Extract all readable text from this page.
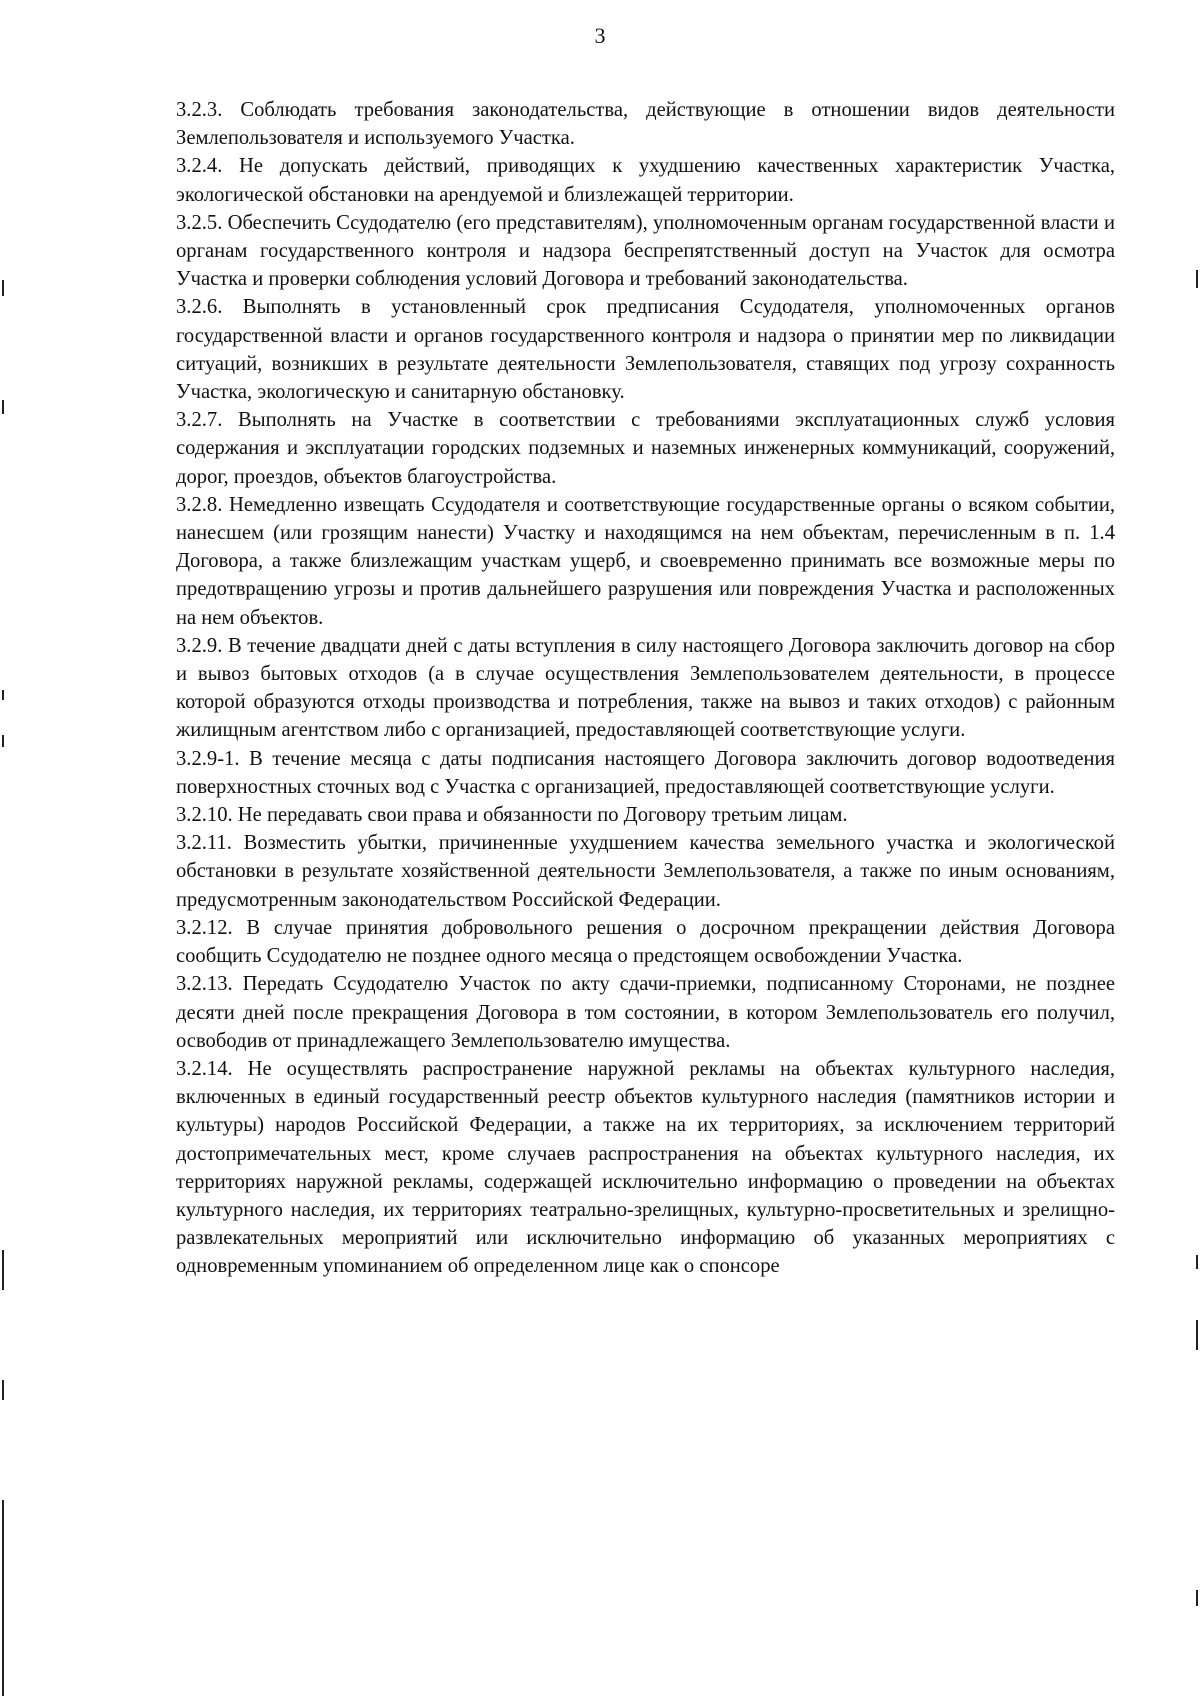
3

3.2.3. Соблюдать требования законодательства, действующие в отношении видов деятельности Землепользователя и используемого Участка.

3.2.4. Не допускать действий, приводящих к ухудшению качественных характеристик Участка, экологической обстановки на арендуемой и близлежащей территории.

3.2.5. Обеспечить Ссудодателю (его представителям), уполномоченным органам государственной власти и органам государственного контроля и надзора беспрепятственный доступ на Участок для осмотра Участка и проверки соблюдения условий Договора и требований законодательства.

3.2.6. Выполнять в установленный срок предписания Ссудодателя, уполномоченных органов государственной власти и органов государственного контроля и надзора о принятии мер по ликвидации ситуаций, возникших в результате деятельности Землепользователя, ставящих под угрозу сохранность Участка, экологическую и санитарную обстановку.

3.2.7. Выполнять на Участке в соответствии с требованиями эксплуатационных служб условия содержания и эксплуатации городских подземных и наземных инженерных коммуникаций, сооружений, дорог, проездов, объектов благоустройства.

3.2.8. Немедленно извещать Ссудодателя и соответствующие государственные органы о всяком событии, нанесшем (или грозящим нанести) Участку и находящимся на нем объектам, перечисленным в п. 1.4 Договора, а также близлежащим участкам ущерб, и своевременно принимать все возможные меры по предотвращению угрозы и против дальнейшего разрушения или повреждения Участка и расположенных на нем объектов.

3.2.9. В течение двадцати дней с даты вступления в силу настоящего Договора заключить договор на сбор и вывоз бытовых отходов (а в случае осуществления Землепользователем деятельности, в процессе которой образуются отходы производства и потребления, также на вывоз и таких отходов) с районным жилищным агентством либо с организацией, предоставляющей соответствующие услуги.

3.2.9-1. В течение месяца с даты подписания настоящего Договора заключить договор водоотведения поверхностных сточных вод с Участка с организацией, предоставляющей соответствующие услуги.

3.2.10. Не передавать свои права и обязанности по Договору третьим лицам.

3.2.11. Возместить убытки, причиненные ухудшением качества земельного участка и экологической обстановки в результате хозяйственной деятельности Землепользователя, а также по иным основаниям, предусмотренным законодательством Российской Федерации.

3.2.12. В случае принятия добровольного решения о досрочном прекращении действия Договора сообщить Ссудодателю не позднее одного месяца о предстоящем освобождении Участка.

3.2.13. Передать Ссудодателю Участок по акту сдачи-приемки, подписанному Сторонами, не позднее десяти дней после прекращения Договора в том состоянии, в котором Землепользователь его получил, освободив от принадлежащего Землепользователю имущества.

3.2.14. Не осуществлять распространение наружной рекламы на объектах культурного наследия, включенных в единый государственный реестр объектов культурного наследия (памятников истории и культуры) народов Российской Федерации, а также на их территориях, за исключением территорий достопримечательных мест, кроме случаев распространения на объектах культурного наследия, их территориях наружной рекламы, содержащей исключительно информацию о проведении на объектах культурного наследия, их территориях театрально-зрелищных, культурно-просветительных и зрелищно-развлекательных мероприятий или исключительно информацию об указанных мероприятиях с одновременным упоминанием об определенном лице как о спонсоре
